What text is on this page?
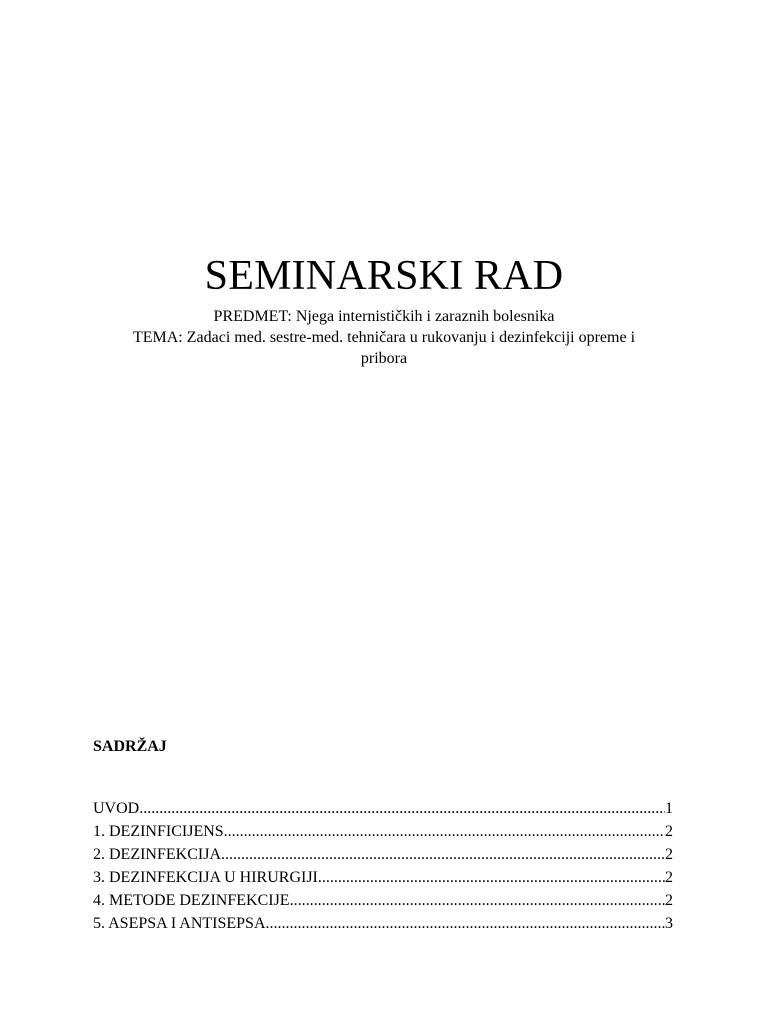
SEMINARSKI RAD
PREDMET: Njega internističkih i zaraznih bolesnika
TEMA: Zadaci med. sestre-med. tehničara u rukovanju i dezinfekciji opreme i
pribora
SADRŽAJ
UVOD .....	1
1. DEZINFICIJENS .....	2
2. DEZINFEKCIJA .....	2
3. DEZINFEKCIJA U HIRURGIJI .....	2
4. METODE DEZINFEKCIJE .....	2
5. ASEPSA I ANTISEPSA .....	3
